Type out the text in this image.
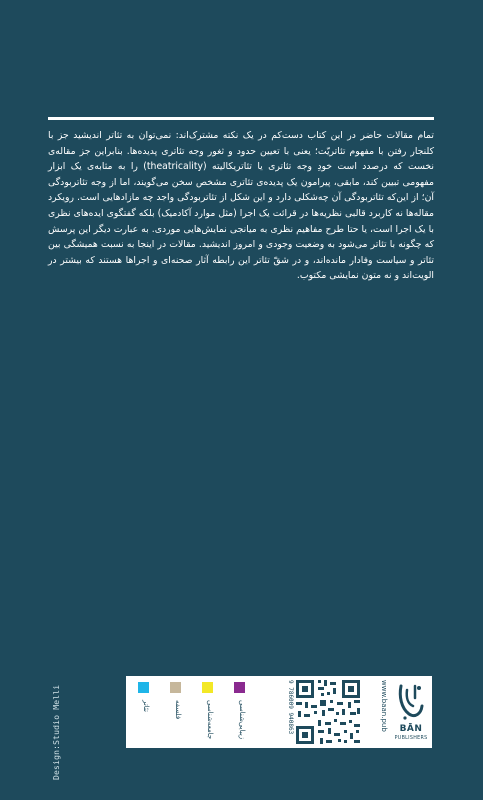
تمام مقالات حاضر در این کتاب دست‌کم در یک نکته مشترک‌اند: نمی‌توان به تئاتر اندیشید جز با کلنجار رفتن با مفهوم تئاتریّت؛ یعنی با تعیین حدود و ثغور وجه تئاتری پدیده‌ها. بنابراین جز مقاله‌ی نخست که درصدد است خودِ وجه تئاتری یا تئاتریکالیته (theatricality) را به مثابه‌ی یک ابزار مفهومی تبیین کند، مابقی، پیرامون یک پدیده‌ی تئاتری مشخص سخن می‌گویند، اما از وجه تئاتربودگی آن؛ از این‌که تئاتربودگی آن چه‌شکلی دارد و این شکل از تئاتربودگی واجد چه مازادهایی است. رویکرد مقاله‌ها نه کاربرد قالبی نظریه‌ها در قرائت یک اجرا (مثل موارد آکادمیک) بلکه گفتگوی ایده‌های نظری با یک اجرا است، یا حتا طرح مفاهیم نظری به میانجی نمایش‌هایی موردی. به عبارت دیگر این پرسش که چگونه با تئاتر می‌شود به وضعیت وجودی و امروز اندیشید. مقالات در اینجا به نسبت همیشگی بین تئاتر و سیاست وفادار مانده‌اند، و در شقّ تئاتر این رابطه آثار صحنه‌ای و اجراها هستند که بیشتر در الویت‌اند و نه متون نمایشی مکتوب.
Design:Studio Melli	تئاتر	فلسفه	جامعه‌شناسی	زیبایی‌شناسی	9 786009 940863	www.baan.pub	BĀN
PUBLISHERS
